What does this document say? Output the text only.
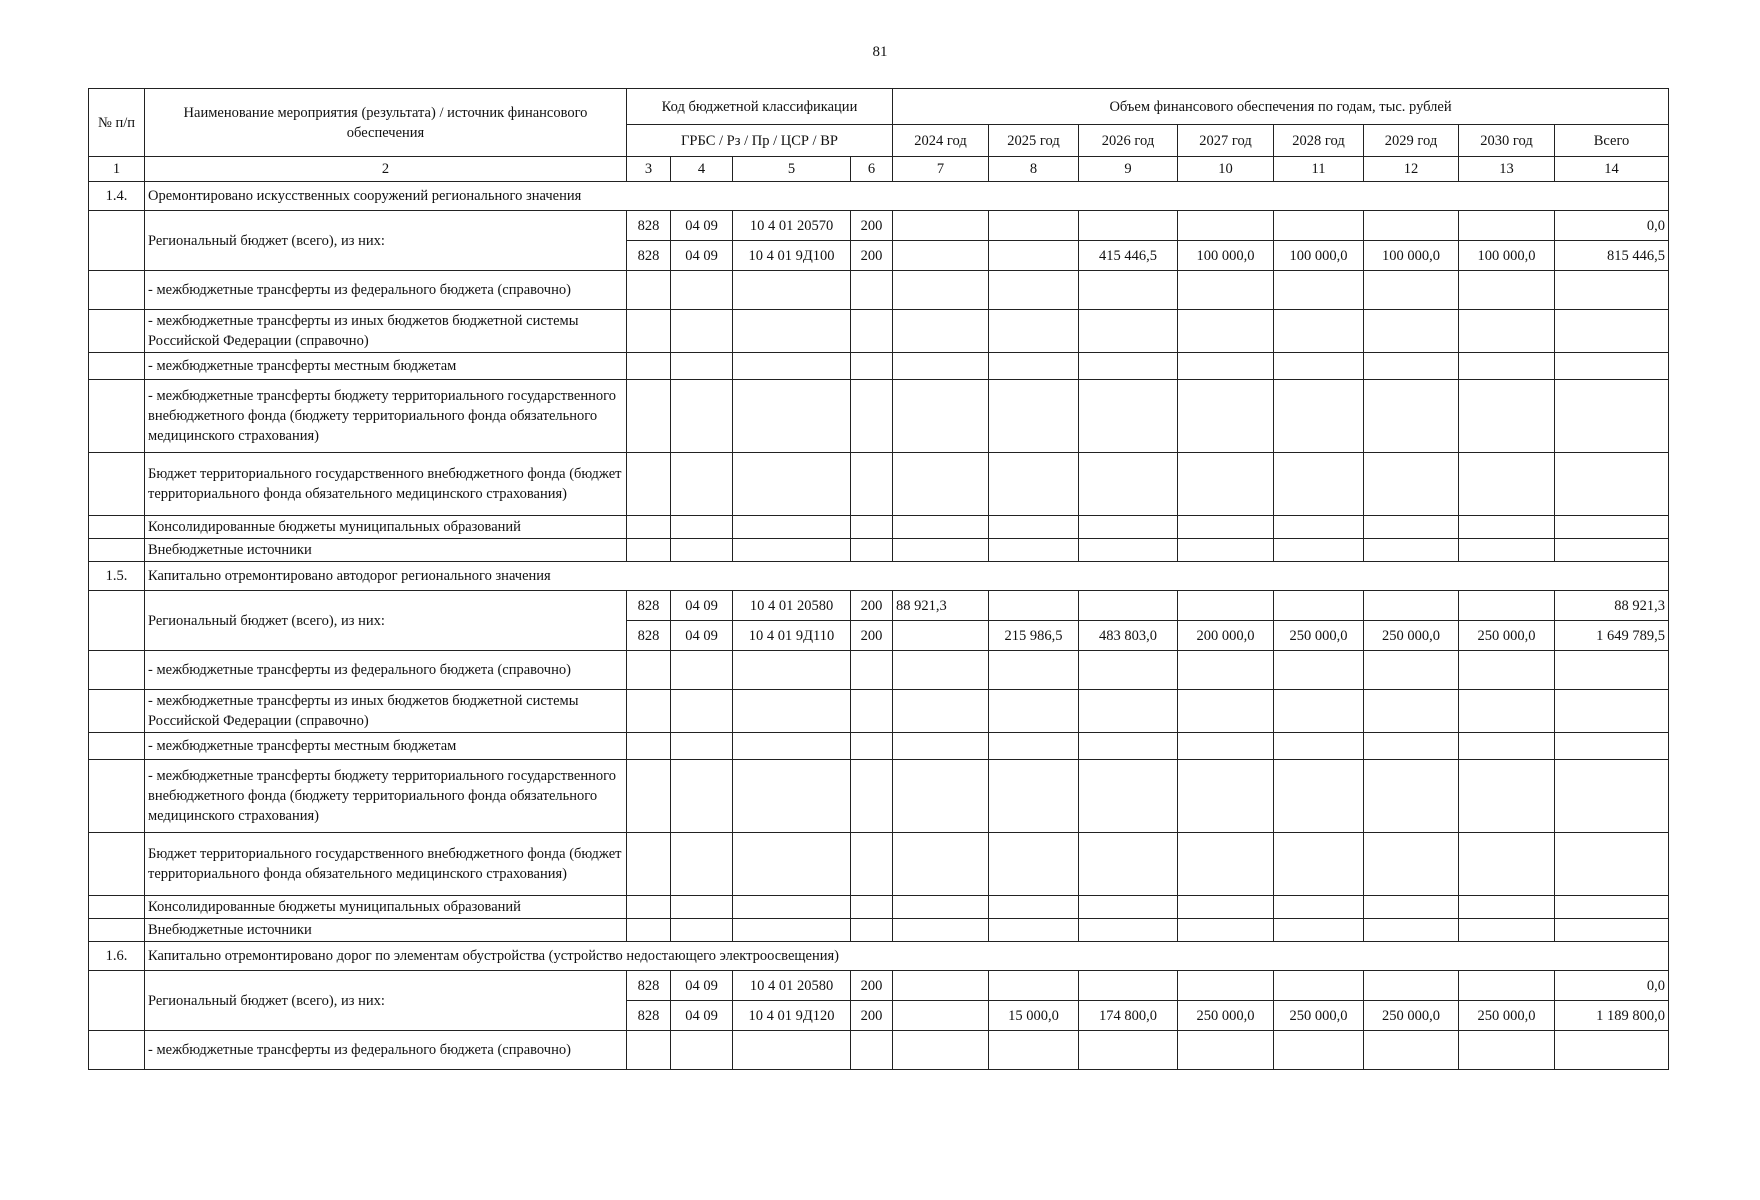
81
№ п/п	Наименование мероприятия (результата) / источник финансового обеспечения	Код бюджетной классификации				Объем финансового обеспечения по годам, тыс. рублей							
		ГРБС / Рз / Пр / ЦСР / ВР				2024 год	2025 год	2026 год	2027 год	2028 год	2029 год	2030 год	Всего
1	2	3	4	5	6	7	8	9	10	11	12	13	14
1.4.	Оремонтировано искусственных сооружений регионального значения												
	Региональный бюджет (всего), из них:	828	04 09	10 4 01 20570	200								0,0
		828	04 09	10 4 01 9Д100	200			415 446,5	100 000,0	100 000,0	100 000,0	100 000,0	815 446,5
	- межбюджетные трансферты из федерального бюджета (справочно)												
	- межбюджетные трансферты из иных бюджетов бюджетной системы Российской Федерации (справочно)												
	- межбюджетные трансферты местным бюджетам												
	- межбюджетные трансферты бюджету территориального государственного внебюджетного фонда (бюджету территориального фонда обязательного медицинского страхования)												
	Бюджет территориального государственного внебюджетного фонда (бюджет территориального фонда обязательного медицинского страхования)												
	Консолидированные бюджеты муниципальных образований												
	Внебюджетные источники												
1.5.	Капитально отремонтировано автодорог регионального значения												
	Региональный бюджет (всего), из них:	828	04 09	10 4 01 20580	200	88 921,3							88 921,3
		828	04 09	10 4 01 9Д110	200		215 986,5	483 803,0	200 000,0	250 000,0	250 000,0	250 000,0	1 649 789,5
	- межбюджетные трансферты из федерального бюджета (справочно)												
	- межбюджетные трансферты из иных бюджетов бюджетной системы Российской Федерации (справочно)												
	- межбюджетные трансферты местным бюджетам												
	- межбюджетные трансферты бюджету территориального государственного внебюджетного фонда (бюджету территориального фонда обязательного медицинского страхования)												
	Бюджет территориального государственного внебюджетного фонда (бюджет территориального фонда обязательного медицинского страхования)												
	Консолидированные бюджеты муниципальных образований												
	Внебюджетные источники												
1.6.	Капитально отремонтировано дорог по элементам обустройства (устройство недостающего электроосвещения)												
	Региональный бюджет (всего), из них:	828	04 09	10 4 01 20580	200								0,0
		828	04 09	10 4 01 9Д120	200		15 000,0	174 800,0	250 000,0	250 000,0	250 000,0	250 000,0	1 189 800,0
	- межбюджетные трансферты из федерального бюджета (справочно)												
